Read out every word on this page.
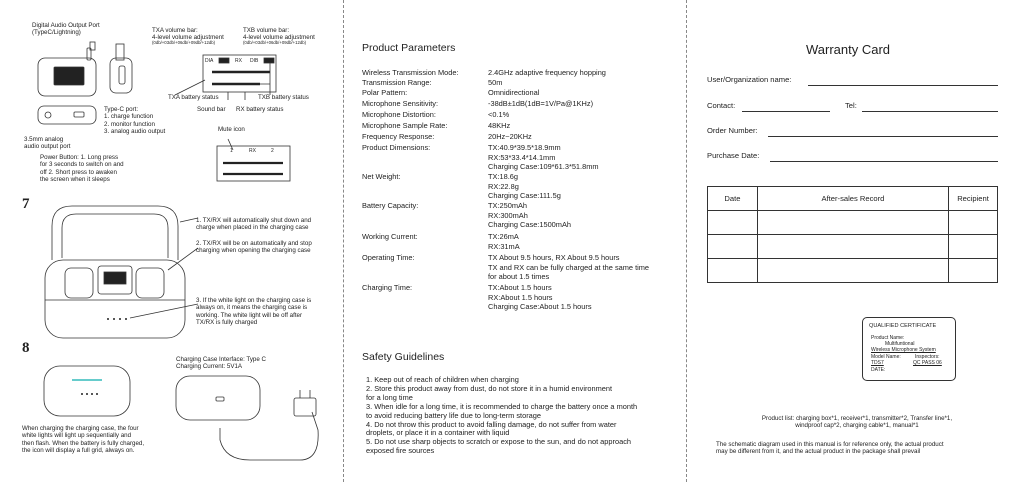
Digital Audio Output Port
(TypeC/Lightning)	TXA volume bar:
4-level volume adjustment
(0db/+03db/+06db/+09db/+12db)
TXB volume bar:
4-level volume adjustment
(0db/+03db/+06db/+09db/+12db)
DIA	RX DIB
TXA battery status	TXB battery status
Sound bar RX battery status
Mute icon
1	RX	2
Type-C port:
1. charge function
2. monitor function
3. analog audio output
3.5mm analog
audio output port
Power Button: 1. Long press
for 3 seconds to switch on and
off 2. Short press to awaken
the screen when it sleeps
7
1. TX/RX will automatically shut down and
charge when placed in the charging case
2. TX/RX will be on automatically and stop
charging when opening the charging case
3. If the white light on the charging case is
always on, it means the charging case is
working. The white light will be off after
TX/RX is fully charged
8
Charging Case Interface: Type C
Charging Current: 5V1A
When charging the charging case, the four
white lights will light up sequentially and
then flash. When the battery is fully charged,
the icon will display a full grid, always on.
Product Parameters
Wireless Transmission Mode:	2.4GHz adaptive frequency hopping
Transmission Range:	50m
Polar Pattern:	Omnidirectional
Microphone Sensitivity:	-38dB±1dB(1dB=1V/Pa@1KHz)
Microphone Distortion:	<0.1%
Microphone Sample Rate:	48KHz
Frequency Response:	20Hz~20KHz
Product Dimensions:	TX:40.9*39.5*18.9mm
RX:53*33.4*14.1mm
Charging Case:109*61.3*51.8mm
Net Weight:	TX:18.6g
RX:22.8g
Charging Case:111.5g
Battery Capacity:	TX:250mAh
RX:300mAh
Charging Case:1500mAh
Working Current:	TX:26mA
RX:31mA
Operating Time:	TX About 9.5 hours, RX About 9.5 hours
TX and RX can be fully charged at the same time
for about 1.5 times
Charging Time:	TX:About 1.5 hours
RX:About 1.5 hours
Charging Case:About 1.5 hours
Safety Guidelines
1. Keep out of reach of children when charging
2. Store this product away from dust, do not store it in a humid environment
for a long time
3. When idle for a long time, it is recommended to charge the battery once a month
to avoid reducing battery life due to long-term storage
4. Do not throw this product to avoid falling damage, do not suffer from water
droplets, or place it in a container with liquid
5. Do not use sharp objects to scratch or expose to the sun, and do not approach
exposed fire sources
Warranty Card
User/Organization name:
Contact:	Tel:
Order Number:
Purchase Date:
Date	After-sales Record	Recipient

QUALIFIED CERTIFICATE
Product Name:
Multifuntional
Wireless Microphone System
Model Name:	Inspectors:
TDS7	QC PASS 06
DATE:
Product list: charging box*1, receiver*1, transmitter*2, Transfer line*1,
windproof cap*2, charging cable*1, manual*1
The schematic diagram used in this manual is for reference only, the actual product
may be different from it, and the actual product in the package shall prevail
